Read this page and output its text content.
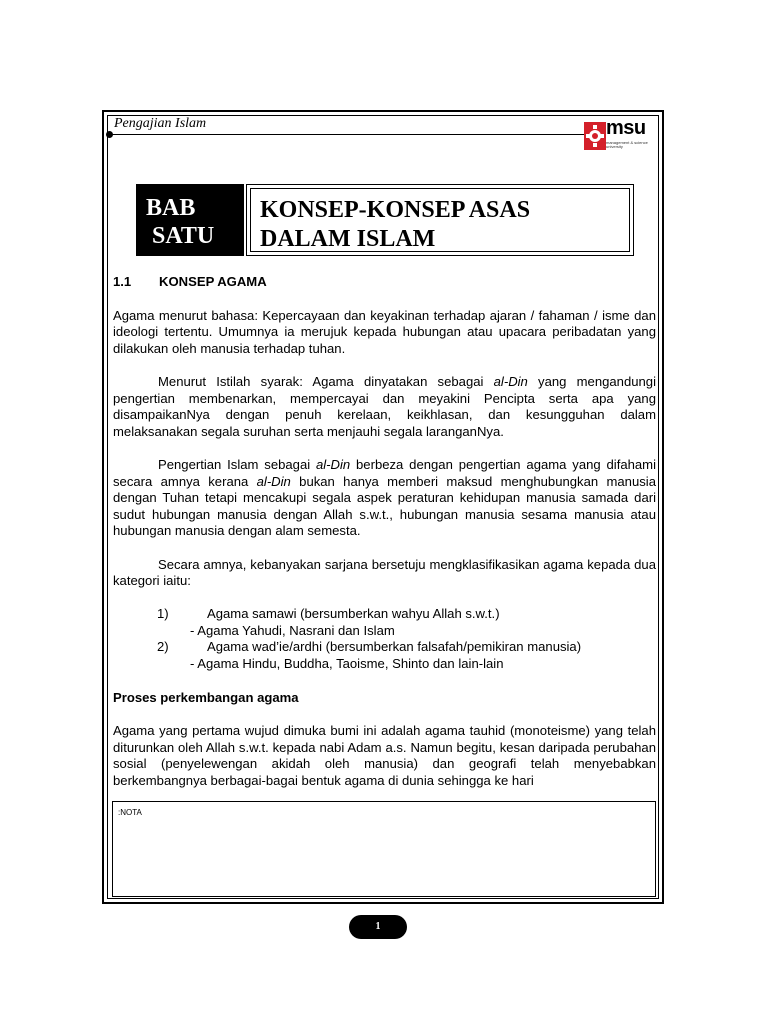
Pengajian Islam	msu
management & science university
BAB
SATU
KONSEP-KONSEP ASAS
DALAM ISLAM
1.1 KONSEP AGAMA

Agama menurut bahasa: Kepercayaan dan keyakinan terhadap ajaran / fahaman / isme dan ideologi tertentu. Umumnya ia merujuk kepada hubungan atau upacara peribadatan yang dilakukan oleh manusia terhadap tuhan.

Menurut Istilah syarak: Agama dinyatakan sebagai al-Din yang mengandungi pengertian membenarkan, mempercayai dan meyakini Pencipta serta apa yang disampaikanNya dengan penuh kerelaan, keikhlasan, dan kesungguhan dalam melaksanakan segala suruhan serta menjauhi segala laranganNya.

Pengertian Islam sebagai al-Din berbeza dengan pengertian agama yang difahami secara amnya kerana al-Din bukan hanya memberi maksud menghubungkan manusia dengan Tuhan tetapi mencakupi segala aspek peraturan kehidupan manusia samada dari sudut hubungan manusia dengan Allah s.w.t., hubungan manusia sesama manusia atau hubungan manusia dengan alam semesta.

Secara amnya, kebanyakan sarjana bersetuju mengklasifikasikan agama kepada dua kategori iaitu:

1)	Agama samawi (bersumberkan wahyu Allah s.w.t.)
- Agama Yahudi, Nasrani dan Islam
2)	Agama wad’ie/ardhi (bersumberkan falsafah/pemikiran manusia)
- Agama Hindu, Buddha, Taoisme, Shinto dan lain-lain
Proses perkembangan agama

Agama yang pertama wujud dimuka bumi ini adalah agama tauhid (monoteisme) yang telah diturunkan oleh Allah s.w.t. kepada nabi Adam a.s. Namun begitu, kesan daripada perubahan sosial (penyelewengan akidah oleh manusia) dan geografi telah menyebabkan berkembangnya berbagai-bagai bentuk agama di dunia sehingga ke hari

:NOTA
1
